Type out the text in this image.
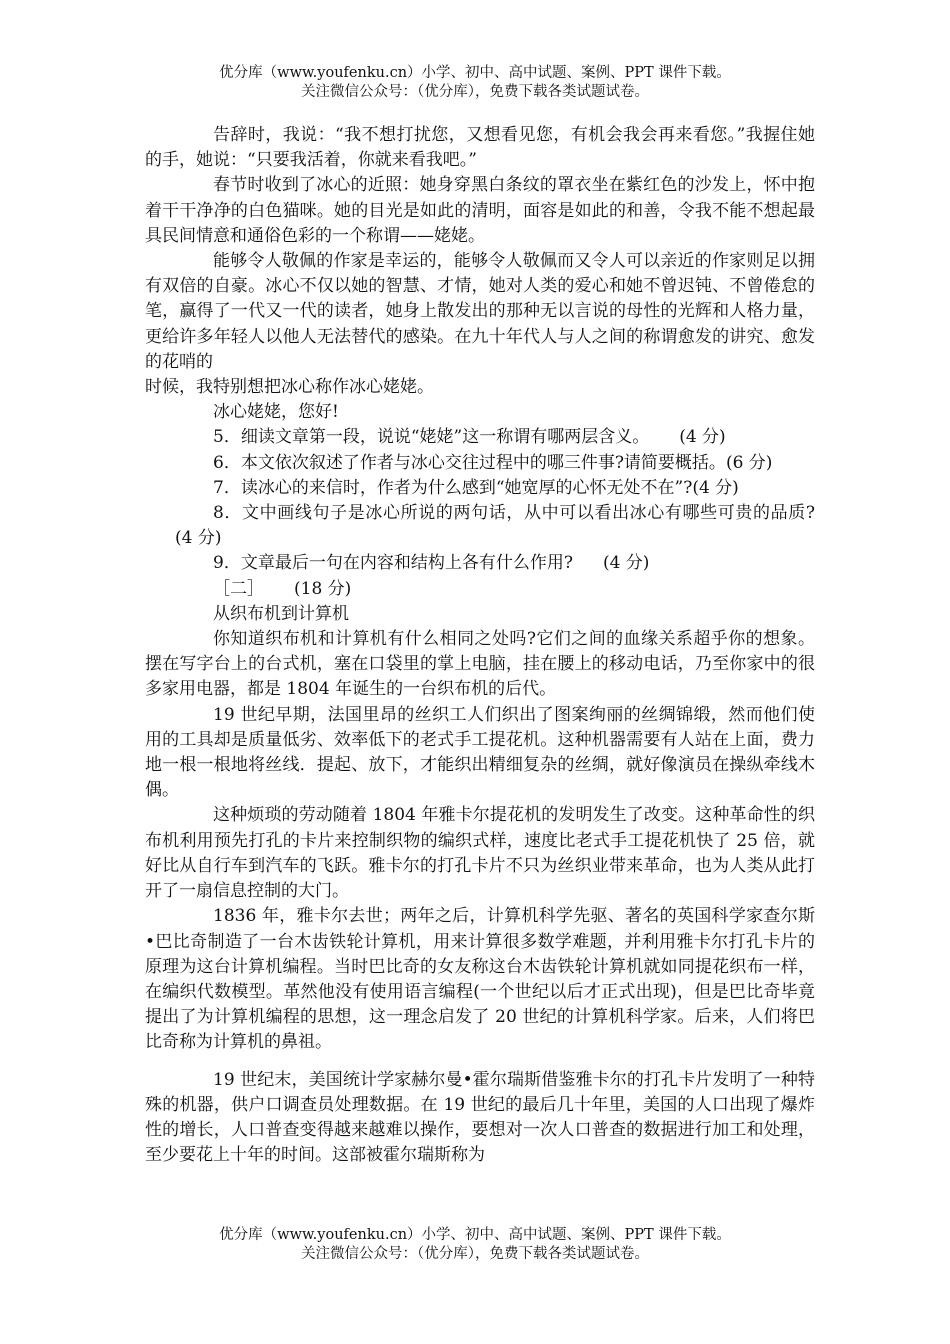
优分库（www.youfenku.cn）小学、初中、高中试题、案例、PPT 课件下载。
关注微信公众号：（优分库），免费下载各类试题试卷。

告辞时，我说：“我不想打扰您，又想看见您，有机会我会再来看您。”我握住她的手，她说：“只要我活着，你就来看我吧。”

春节时收到了冰心的近照：她身穿黑白条纹的罩衣坐在紫红色的沙发上，怀中抱着干干净净的白色猫咪。她的目光是如此的清明，面容是如此的和善，令我不能不想起最具民间情意和通俗色彩的一个称谓——姥姥。

能够令人敬佩的作家是幸运的，能够令人敬佩而又令人可以亲近的作家则足以拥有双倍的自豪。冰心不仅以她的智慧、才情，她对人类的爱心和她不曾迟钝、不曾倦怠的笔，赢得了一代又一代的读者，她身上散发出的那种无以言说的母性的光辉和人格力量，更给许多年轻人以他人无法替代的感染。在九十年代人与人之间的称谓愈发的讲究、愈发的花哨的

时候，我特别想把冰心称作冰心姥姥。

冰心姥姥，您好!

5．细读文章第一段，说说“姥姥”这一称谓有哪两层含义。 (4 分)

6．本文依次叙述了作者与冰心交往过程中的哪三件事?请简要概括。(6 分)

7．读冰心的来信时，作者为什么感到“她宽厚的心怀无处不在”?(4 分)

8．文中画线句子是冰心所说的两句话，从中可以看出冰心有哪些可贵的品质?(4 分)

9．文章最后一句在内容和结构上各有什么作用? (4 分)

［二］ (18 分)

从织布机到计算机

你知道织布机和计算机有什么相同之处吗?它们之间的血缘关系超乎你的想象。摆在写字台上的台式机，塞在口袋里的掌上电脑，挂在腰上的移动电话，乃至你家中的很多家用电器，都是 1804 年诞生的一台织布机的后代。

19 世纪早期，法国里昂的丝织工人们织出了图案绚丽的丝绸锦缎，然而他们使用的工具却是质量低劣、效率低下的老式手工提花机。这种机器需要有人站在上面，费力地一根一根地将丝线．提起、放下，才能织出精细复杂的丝绸，就好像演员在操纵牵线木偶。

这种烦琐的劳动随着 1804 年雅卡尔提花机的发明发生了改变。这种革命性的织布机利用预先打孔的卡片来控制织物的编织式样，速度比老式手工提花机快了 25 倍，就好比从自行车到汽车的飞跃。雅卡尔的打孔卡片不只为丝织业带来革命，也为人类从此打开了一扇信息控制的大门。

1836 年，雅卡尔去世；两年之后，计算机科学先驱、著名的英国科学家查尔斯•巴比奇制造了一台木齿铁轮计算机，用来计算很多数学难题，并利用雅卡尔打孔卡片的原理为这台计算机编程。当时巴比奇的女友称这台木齿铁轮计算机就如同提花织布一样，在编织代数模型。革然他没有使用语言编程(一个世纪以后才正式出现)，但是巴比奇毕竟提出了为计算机编程的思想，这一理念启发了 20 世纪的计算机科学家。后来，人们将巴比奇称为计算机的鼻祖。

19 世纪末，美国统计学家赫尔曼•霍尔瑞斯借鉴雅卡尔的打孔卡片发明了一种特殊的机器，供户口调查员处理数据。在 19 世纪的最后几十年里，美国的人口出现了爆炸性的增长，人口普查变得越来越难以操作，要想对一次人口普查的数据进行加工和处理，至少要花上十年的时间。这部被霍尔瑞斯称为

优分库（www.youfenku.cn）小学、初中、高中试题、案例、PPT 课件下载。
关注微信公众号：（优分库），免费下载各类试题试卷。
